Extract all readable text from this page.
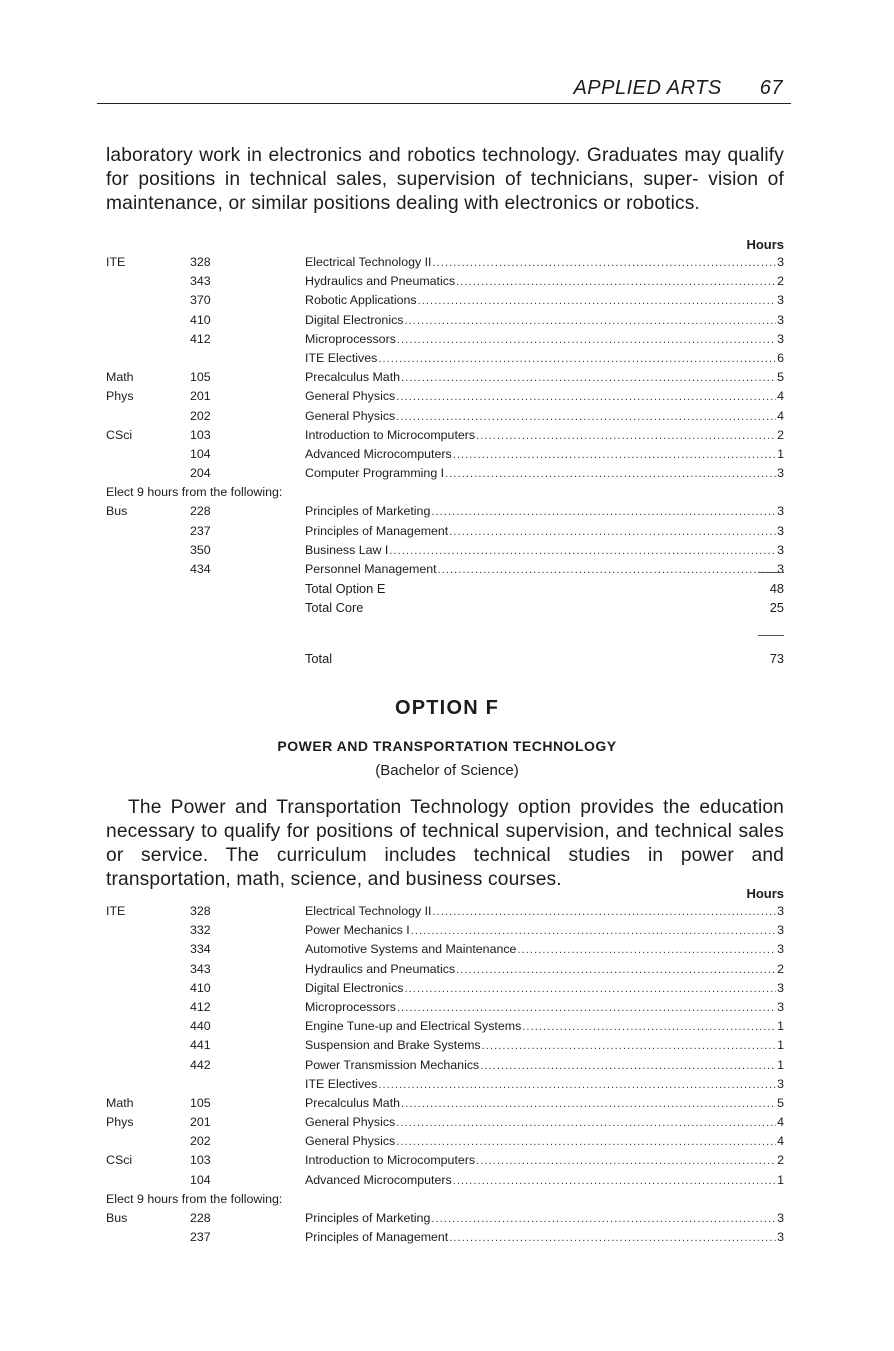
APPLIED ARTS 67

laboratory work in electronics and robotics technology. Graduates may qualify for positions in technical sales, supervision of technicians, super- vision of maintenance, or similar positions dealing with electronics or robotics.

Hours
ITE	328	Electrical Technology II .....	3
343	Hydraulics and Pneumatics .....	2
370	Robotic Applications .....	3
410	Digital Electronics .....	3
412	Microprocessors .....	3
ITE Electives .....	6
Math	105	Precalculus Math .....	5
Phys	201	General Physics .....	4
202	General Physics .....	4
CSci	103	Introduction to Microcomputers .....	2
104	Advanced Microcomputers .....	1
204	Computer Programming I .....	3
Elect 9 hours from the following:
Bus	228	Principles of Marketing .....	3
237	Principles of Management .....	3
350	Business Law I .....	3
434	Personnel Management .....	3
Total Option E	48
Total Core	25
Total	73
OPTION F
POWER AND TRANSPORTATION TECHNOLOGY
(Bachelor of Science)

The Power and Transportation Technology option provides the education necessary to qualify for positions of technical supervision, and technical sales or service. The curriculum includes technical studies in power and transportation, math, science, and business courses.

Hours
ITE	328	Electrical Technology II .....	3
332	Power Mechanics I .....	3
334	Automotive Systems and Maintenance .....	3
343	Hydraulics and Pneumatics .....	2
410	Digital Electronics .....	3
412	Microprocessors .....	3
440	Engine Tune-up and Electrical Systems .....	1
441	Suspension and Brake Systems .....	1
442	Power Transmission Mechanics .....	1
ITE Electives .....	3
Math	105	Precalculus Math .....	5
Phys	201	General Physics .....	4
202	General Physics .....	4
CSci	103	Introduction to Microcomputers .....	2
104	Advanced Microcomputers .....	1
Elect 9 hours from the following:
Bus	228	Principles of Marketing .....	3
237	Principles of Management .....	3
